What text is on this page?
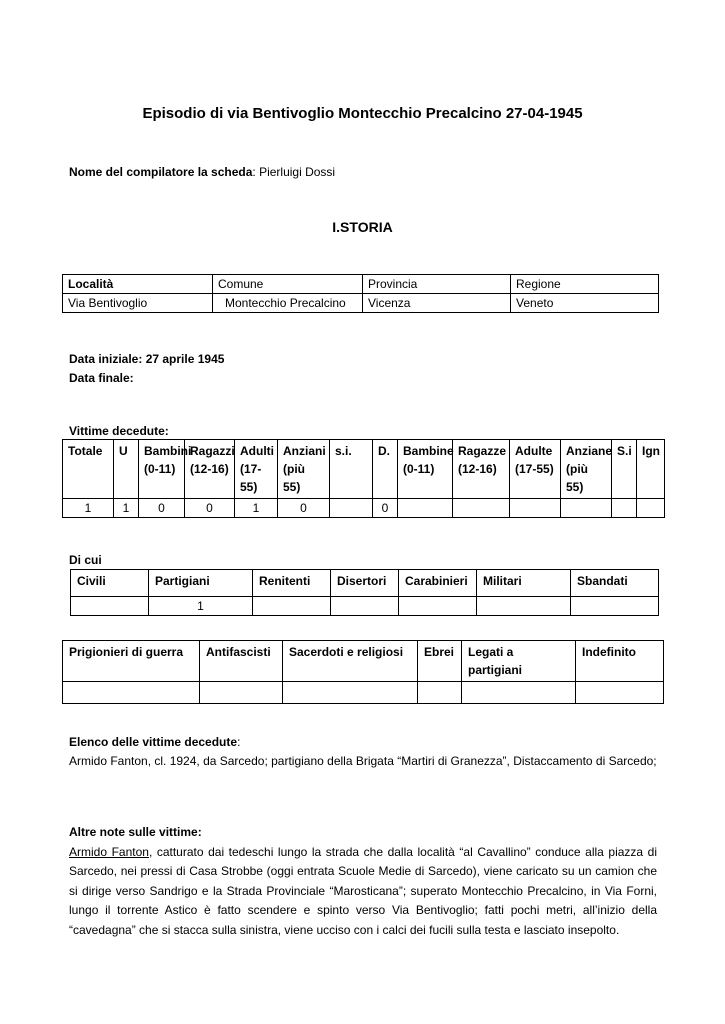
Episodio di via Bentivoglio Montecchio Precalcino 27-04-1945
Nome del compilatore la scheda: Pierluigi Dossi
I.STORIA
Località	Comune	Provincia	Regione
Via Bentivoglio	Montecchio Precalcino	Vicenza	Veneto
Data iniziale: 27 aprile 1945
Data finale:
Vittime decedute:
Totale	U	Bambini (0-11)	Ragazzi (12-16)	Adulti (17-55)	Anziani (più 55)	s.i.	D.	Bambine (0-11)	Ragazze (12-16)	Adulte (17-55)	Anziane (più 55)	S.i	Ign
1	1	0	0	1	0		0						
Di cui
Civili	Partigiani	Renitenti	Disertori	Carabinieri	Militari	Sbandati
	1					
Prigionieri di guerra	Antifascisti	Sacerdoti e religiosi	Ebrei	Legati a partigiani	Indefinito

Elenco delle vittime decedute:
Armido Fanton, cl. 1924, da Sarcedo; partigiano della Brigata “Martiri di Granezza”, Distaccamento di Sarcedo;
Altre note sulle vittime:
Armido Fanton, catturato dai tedeschi lungo la strada che dalla località “al Cavallino” conduce alla piazza di Sarcedo, nei pressi di Casa Strobbe (oggi entrata Scuole Medie di Sarcedo), viene caricato su un camion che si dirige verso Sandrigo e la Strada Provinciale “Marosticana”; superato Montecchio Precalcino, in Via Forni, lungo il torrente Astico è fatto scendere e spinto verso Via Bentivoglio; fatti pochi metri, all’inizio della “cavedagna” che si stacca sulla sinistra, viene ucciso con i calci dei fucili sulla testa e lasciato insepolto.
